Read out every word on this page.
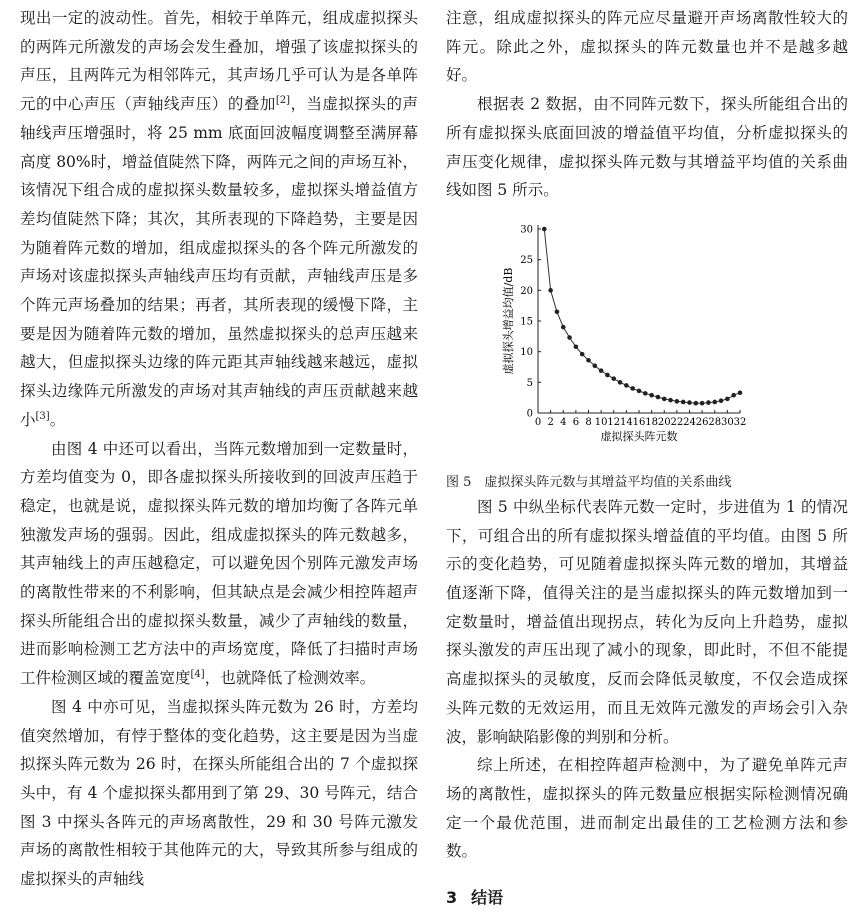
现出一定的波动性。首先，相较于单阵元，组成虚拟探头的两阵元所激发的声场会发生叠加，增强了该虚拟探头的声压，且两阵元为相邻阵元，其声场几乎可认为是各单阵元的中心声压（声轴线声压）的叠加[2]，当虚拟探头的声轴线声压增强时，将 25 mm 底面回波幅度调整至满屏幕高度 80%时，增益值陡然下降，两阵元之间的声场互补，该情况下组合成的虚拟探头数量较多，虚拟探头增益值方差均值陡然下降；其次，其所表现的下降趋势，主要是因为随着阵元数的增加，组成虚拟探头的各个阵元所激发的声场对该虚拟探头声轴线声压均有贡献，声轴线声压是多个阵元声场叠加的结果；再者，其所表现的缓慢下降，主要是因为随着阵元数的增加，虽然虚拟探头的总声压越来越大，但虚拟探头边缘的阵元距其声轴线越来越远，虚拟探头边缘阵元所激发的声场对其声轴线的声压贡献越来越小[3]。

由图 4 中还可以看出，当阵元数增加到一定数量时，方差均值变为 0，即各虚拟探头所接收到的回波声压趋于稳定，也就是说，虚拟探头阵元数的增加均衡了各阵元单独激发声场的强弱。因此，组成虚拟探头的阵元数越多，其声轴线上的声压越稳定，可以避免因个别阵元激发声场的离散性带来的不利影响，但其缺点是会减少相控阵超声探头所能组合出的虚拟探头数量，减少了声轴线的数量，进而影响检测工艺方法中的声场宽度，降低了扫描时声场工件检测区域的覆盖宽度[4]，也就降低了检测效率。

图 4 中亦可见，当虚拟探头阵元数为 26 时，方差均值突然增加，有悖于整体的变化趋势，这主要是因为当虚拟探头阵元数为 26 时，在探头所能组合出的 7 个虚拟探头中，有 4 个虚拟探头都用到了第 29、30 号阵元，结合图 3 中探头各阵元的声场离散性，29 和 30 号阵元激发声场的离散性相较于其他阵元的大，导致其所参与组成的虚拟探头的声轴线

注意，组成虚拟探头的阵元应尽量避开声场离散性较大的阵元。除此之外，虚拟探头的阵元数量也并不是越多越好。

根据表 2 数据，由不同阵元数下，探头所能组合出的所有虚拟探头底面回波的增益值平均值，分析虚拟探头的声压变化规律，虚拟探头阵元数与其增益平均值的关系曲线如图 5 所示。

0 2 4 6 8 10 12 14 16 18 20 22 24 26 28 30 32
0
5
10
15
20
25
30
虚拟探头增益均值/dB
虚拟探头阵元数

图 5　虚拟探头阵元数与其增益平均值的关系曲线

图 5 中纵坐标代表阵元数一定时，步进值为 1 的情况下，可组合出的所有虚拟探头增益值的平均值。由图 5 所示的变化趋势，可见随着虚拟探头阵元数的增加，其增益值逐渐下降，值得关注的是当虚拟探头的阵元数增加到一定数量时，增益值出现拐点，转化为反向上升趋势，虚拟探头激发的声压出现了减小的现象，即此时，不但不能提高虚拟探头的灵敏度，反而会降低灵敏度，不仅会造成探头阵元数的无效运用，而且无效阵元激发的声场会引入杂波，影响缺陷影像的判别和分析。

综上所述，在相控阵超声检测中，为了避免单阵元声场的离散性，虚拟探头的阵元数量应根据实际检测情况确定一个最优范围，进而制定出最佳的工艺检测方法和参数。

3 结语
